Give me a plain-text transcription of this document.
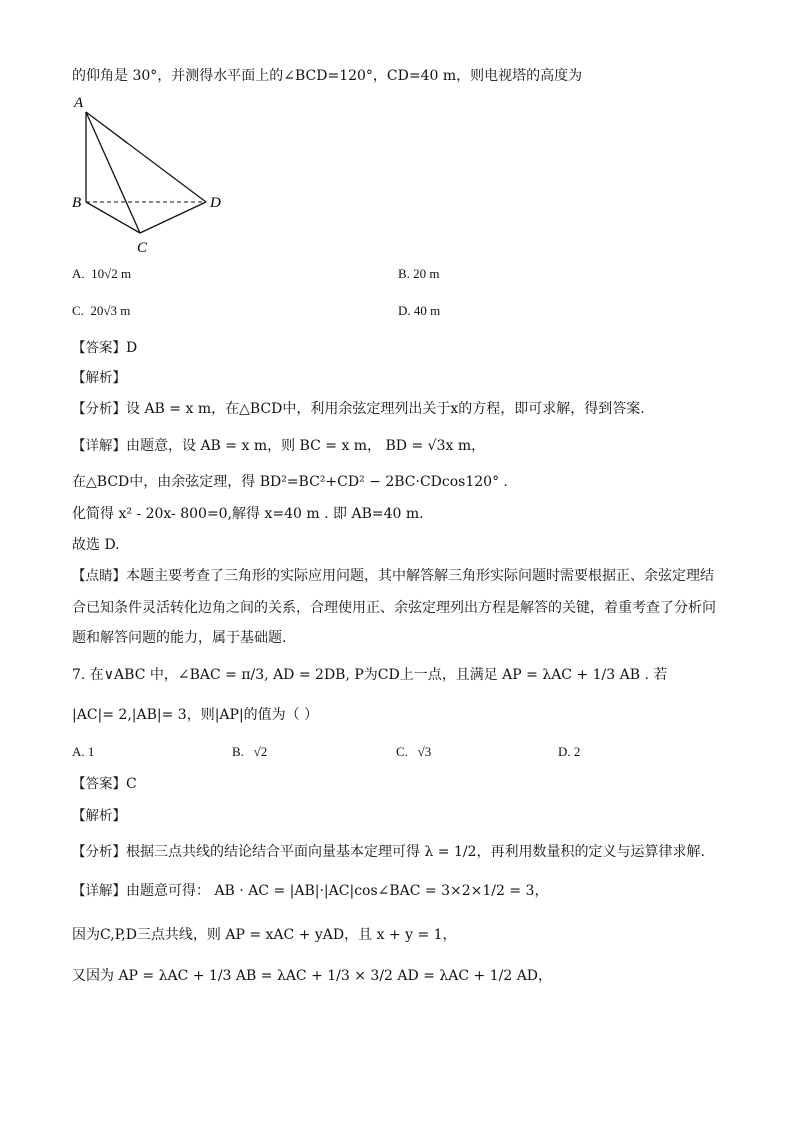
的仰角是 30°，并测得水平面上的∠BCD=120°，CD=40 m，则电视塔的高度为
A
B
C
D
A. 10√2 m	B. 20 m
C. 20√3 m	D. 40 m
【答案】D
【解析】
【分析】设 AB = x m，在△BCD中，利用余弦定理列出关于x的方程，即可求解，得到答案.
【详解】由题意，设 AB = x m，则 BC = x m， BD = √3x m，
在△BCD中，由余弦定理，得 BD²=BC²+CD² − 2BC·CDcos120° .
化简得 x² - 20x- 800=0,解得 x=40 m . 即 AB=40 m.
故选 D.
【点睛】本题主要考查了三角形的实际应用问题，其中解答解三角形实际问题时需要根据正、余弦定理结
合已知条件灵活转化边角之间的关系，合理使用正、余弦定理列出方程是解答的关键，着重考查了分析问
题和解答问题的能力，属于基础题.
7. 在∨ABC 中，∠BAC = π/3, AD = 2DB, P为CD上一点，且满足 AP = λAC + 1/3 AB . 若
|AC|= 2,|AB|= 3，则|AP|的值为（ ）
A. 1	B. √2	C. √3	D. 2
【答案】C
【解析】
【分析】根据三点共线的结论结合平面向量基本定理可得 λ = 1/2，再利用数量积的定义与运算律求解.
【详解】由题意可得： AB · AC = |AB|·|AC|cos∠BAC = 3×2×1/2 = 3，
因为C,P,D三点共线，则 AP = xAC + yAD，且 x + y = 1，
又因为 AP = λAC + 1/3 AB = λAC + 1/3 × 3/2 AD = λAC + 1/2 AD，
